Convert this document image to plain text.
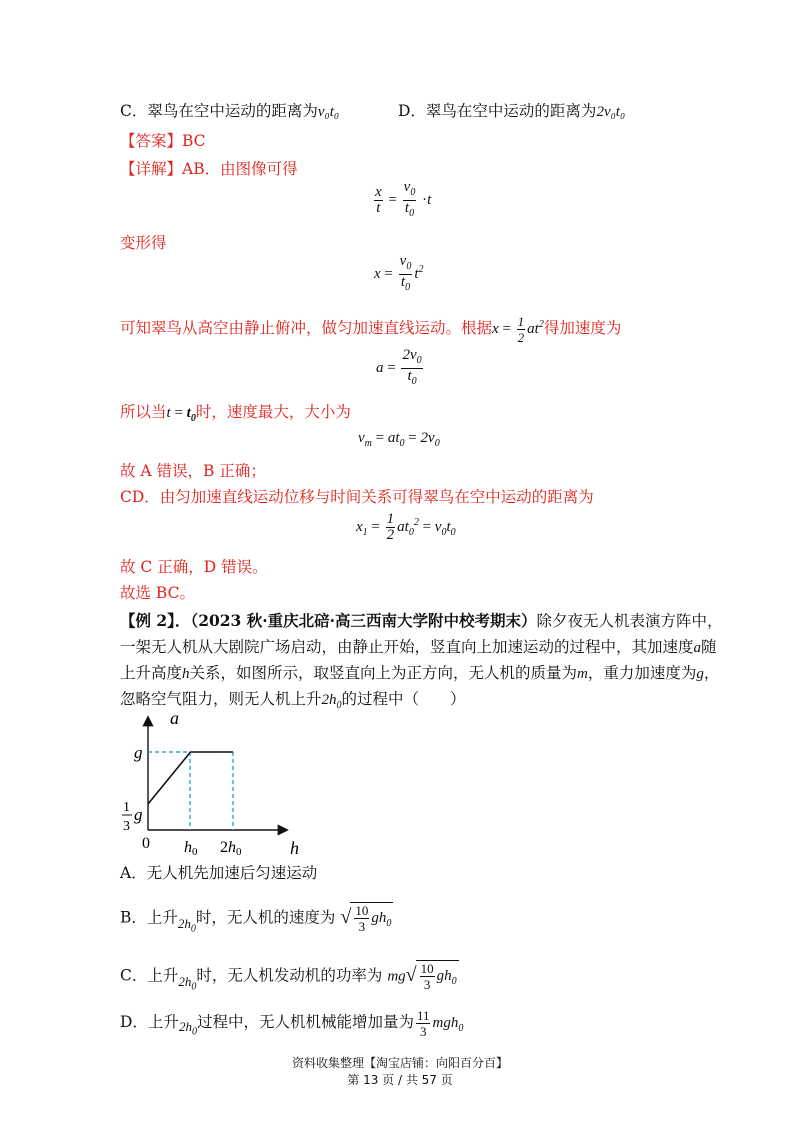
C．翠鸟在空中运动的距离为v₀t₀	D．翠鸟在空中运动的距离为2v₀t₀
【答案】BC
【详解】AB．由图像可得
$\frac{x}{t} = \frac{v_0}{t_0} \cdot t$
变形得
$x = \frac{v_0}{t_0} t^2$
可知翠鸟从高空由静止俯冲，做匀加速直线运动。根据$x = \frac{1}{2} at^2$得加速度为
$a = \frac{2v_0}{t_0}$
所以当$t = t_0$时，速度最大，大小为
$v_m = at_0 = 2v_0$
故 A 错误，B 正确；
CD．由匀加速直线运动位移与时间关系可得翠鸟在空中运动的距离为
$x_1 = \frac{1}{2} at_0^2 = v_0t_0$
故 C 正确，D 错误。
故选 BC。
【例 2】．（2023 秋·重庆北碚·高三西南大学附中校考期末）除夕夜无人机表演方阵中，
一架无人机从大剧院广场启动，由静止开始，竖直向上加速运动的过程中，其加速度a随
上升高度h关系，如图所示，取竖直向上为正方向，无人机的质量为m，重力加速度为g，
忽略空气阻力，则无人机上升$2h_0$的过程中（　　）
a
h
g
1
3
g
0 h0 2h0
A．无人机先加速后匀速运动
B．上升$_{2h_0}$时，无人机的速度为 √ $\frac{10}{3} gh_0$
C．上升$_{2h_0}$时，无人机发动机的功率为 mg √ $\frac{10}{3} gh_0$
D．上升$_{2h_0}$过程中，无人机机械能增加量为 $\frac{11}{3} mgh_0$
资料收集整理【淘宝店铺：向阳百分百】
第 13 页 / 共 57 页
